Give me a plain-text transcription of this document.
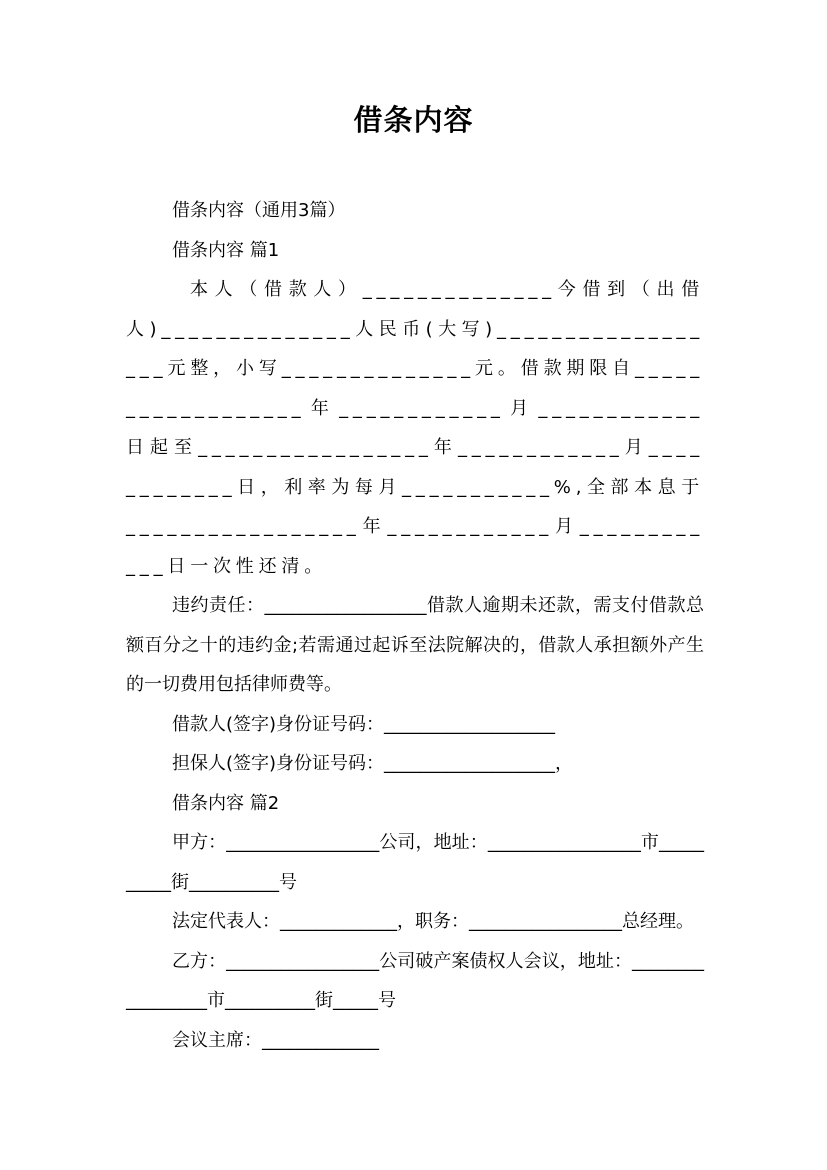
借条内容

借条内容（通用3篇）

借条内容 篇1

本人（借款人）______________今借到（出借人)______________人民币(大写)__________________元整，小写______________元。借款期限自__________________年____________月____________日起至_________________年____________月____________日，利率为每月___________%,全部本息于_________________年____________月____________日一次性还清。

违约责任：__________________借款人逾期未还款，需支付借款总额百分之十的违约金;若需通过起诉至法院解决的，借款人承担额外产生的一切费用包括律师费等。

借款人(签字)身份证号码：___________________

担保人(签字)身份证号码：___________________，

借条内容 篇2

甲方：_________________公司，地址：_________________市__________街__________号

法定代表人：_____________，职务：_________________总经理。

乙方：_________________公司破产案债权人会议，地址：_________________市__________街_____号

会议主席：_____________
